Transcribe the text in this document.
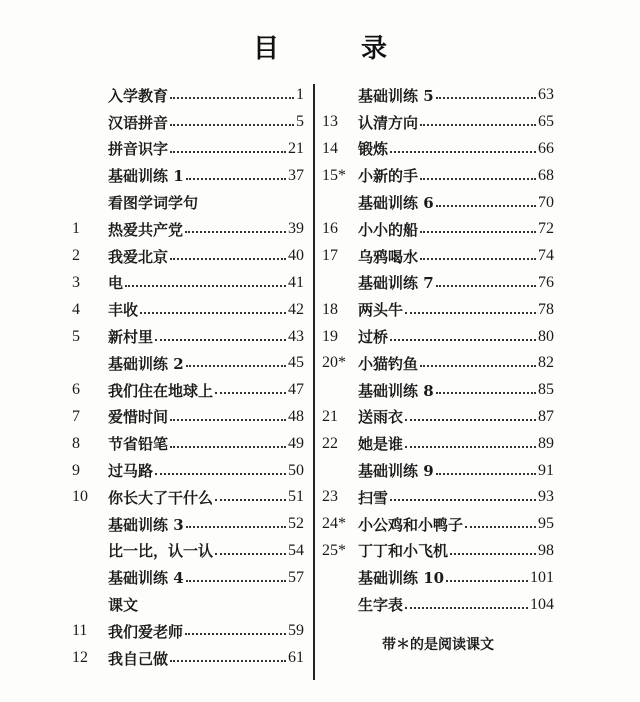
目　录
入学教育	1
汉语拼音	5
拼音识字	21
基础训练 1	37
看图学词学句
1	热爱共产党	39
2	我爱北京	40
3	电	41
4	丰收	42
5	新村里	43
基础训练 2	45
6	我们住在地球上	47
7	爱惜时间	48
8	节省铅笔	49
9	过马路	50
10	你长大了干什么	51
基础训练 3	52
比一比，认一认	54
基础训练 4	57
课文
11	我们爱老师	59
12	我自己做	61
基础训练 5	63
13	认清方向	65
14	锻炼	66
15* 小新的手	68
基础训练 6	70
16	小小的船	72
17	乌鸦喝水	74
基础训练 7	76
18	两头牛	78
19	过桥	80
20* 小猫钓鱼	82
基础训练 8	85
21	送雨衣	87
22	她是谁	89
基础训练 9	91
23	扫雪	93
24* 小公鸡和小鸭子	95
25* 丁丁和小飞机	98
基础训练 10	101
生字表	104
带＊的是阅读课文
